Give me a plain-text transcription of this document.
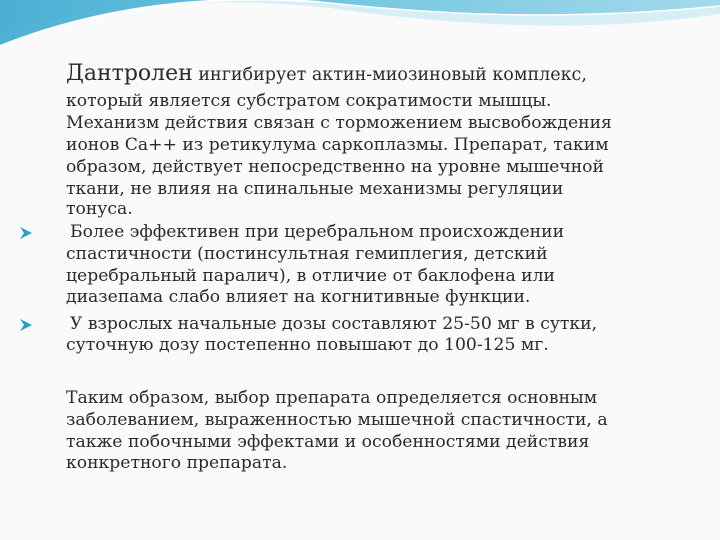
Дантролен ингибирует актин-миозиновый комплекс,
который является субстратом сократимости мышцы.
Механизм действия связан с торможением высвобождения
ионов Са++ из ретикулума саркоплазмы. Препарат, таким
образом, действует непосредственно на уровне мышечной
ткани, не влияя на спинальные механизмы регуляции
тонуса.
Более эффективен при церебральном происхождении
спастичности (постинсультная гемиплегия, детский
церебральный паралич), в отличие от баклофена или
диазепама слабо влияет на когнитивные функции.
У взрослых начальные дозы составляют 25-50 мг в сутки,
суточную дозу постепенно повышают до 100-125 мг.
Таким образом, выбор препарата определяется основным
заболеванием, выраженностью мышечной спастичности, а
также побочными эффектами и особенностями действия
конкретного препарата.
